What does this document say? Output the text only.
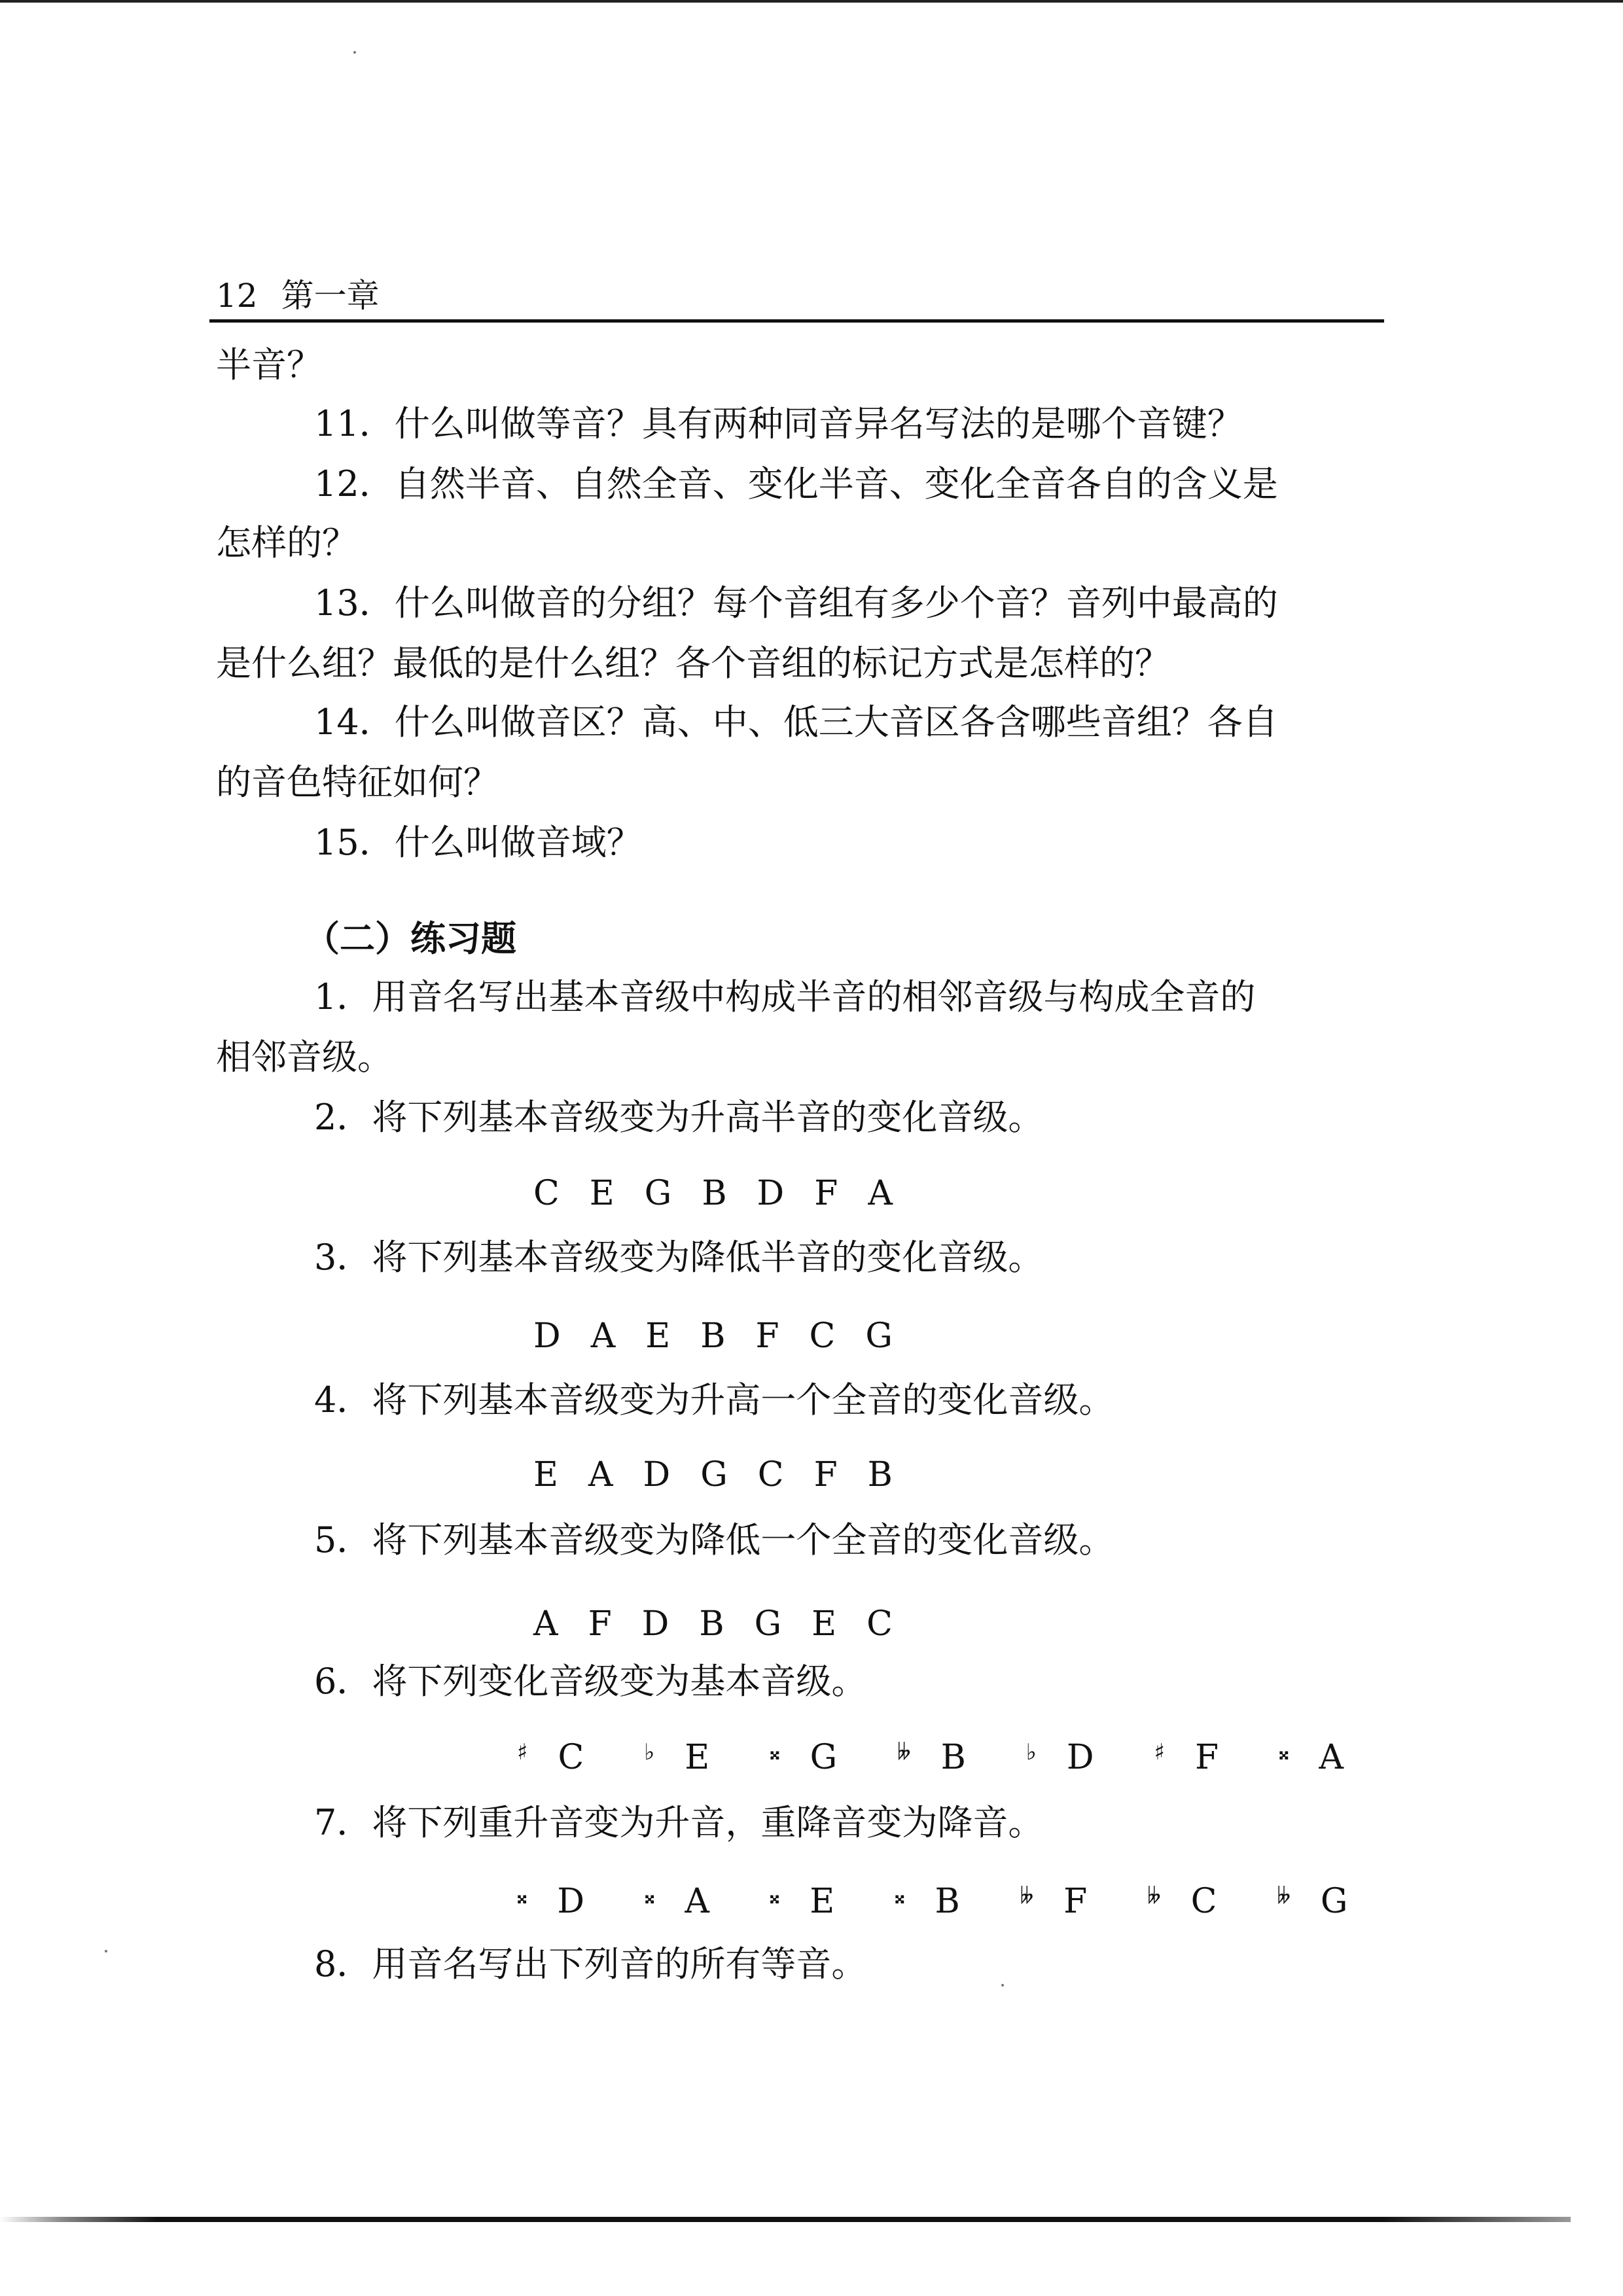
12 第一章
半音？
11．什么叫做等音？具有两种同音异名写法的是哪个音键？
12．自然半音、自然全音、变化半音、变化全音各自的含义是
怎样的？
13．什么叫做音的分组？每个音组有多少个音？音列中最高的
是什么组？最低的是什么组？各个音组的标记方式是怎样的？
14．什么叫做音区？高、中、低三大音区各含哪些音组？各自
的音色特征如何？
15．什么叫做音域？
（二）练习题
1．用音名写出基本音级中构成半音的相邻音级与构成全音的
相邻音级。
2．将下列基本音级变为升高半音的变化音级。
C E G B D F A
3．将下列基本音级变为降低半音的变化音级。
D A E B F C G
4．将下列基本音级变为升高一个全音的变化音级。
E A D G C F B
5．将下列基本音级变为降低一个全音的变化音级。
A F D B G E C
6．将下列变化音级变为基本音级。
♯ C	♭ E	𝄪 G	𝄫 B	♭ D	♯ F	𝄪 A
7．将下列重升音变为升音，重降音变为降音。
𝄪 D	𝄪 A	𝄪 E	𝄪 B	𝄫 F	𝄫 C	𝄫 G
8．用音名写出下列音的所有等音。
